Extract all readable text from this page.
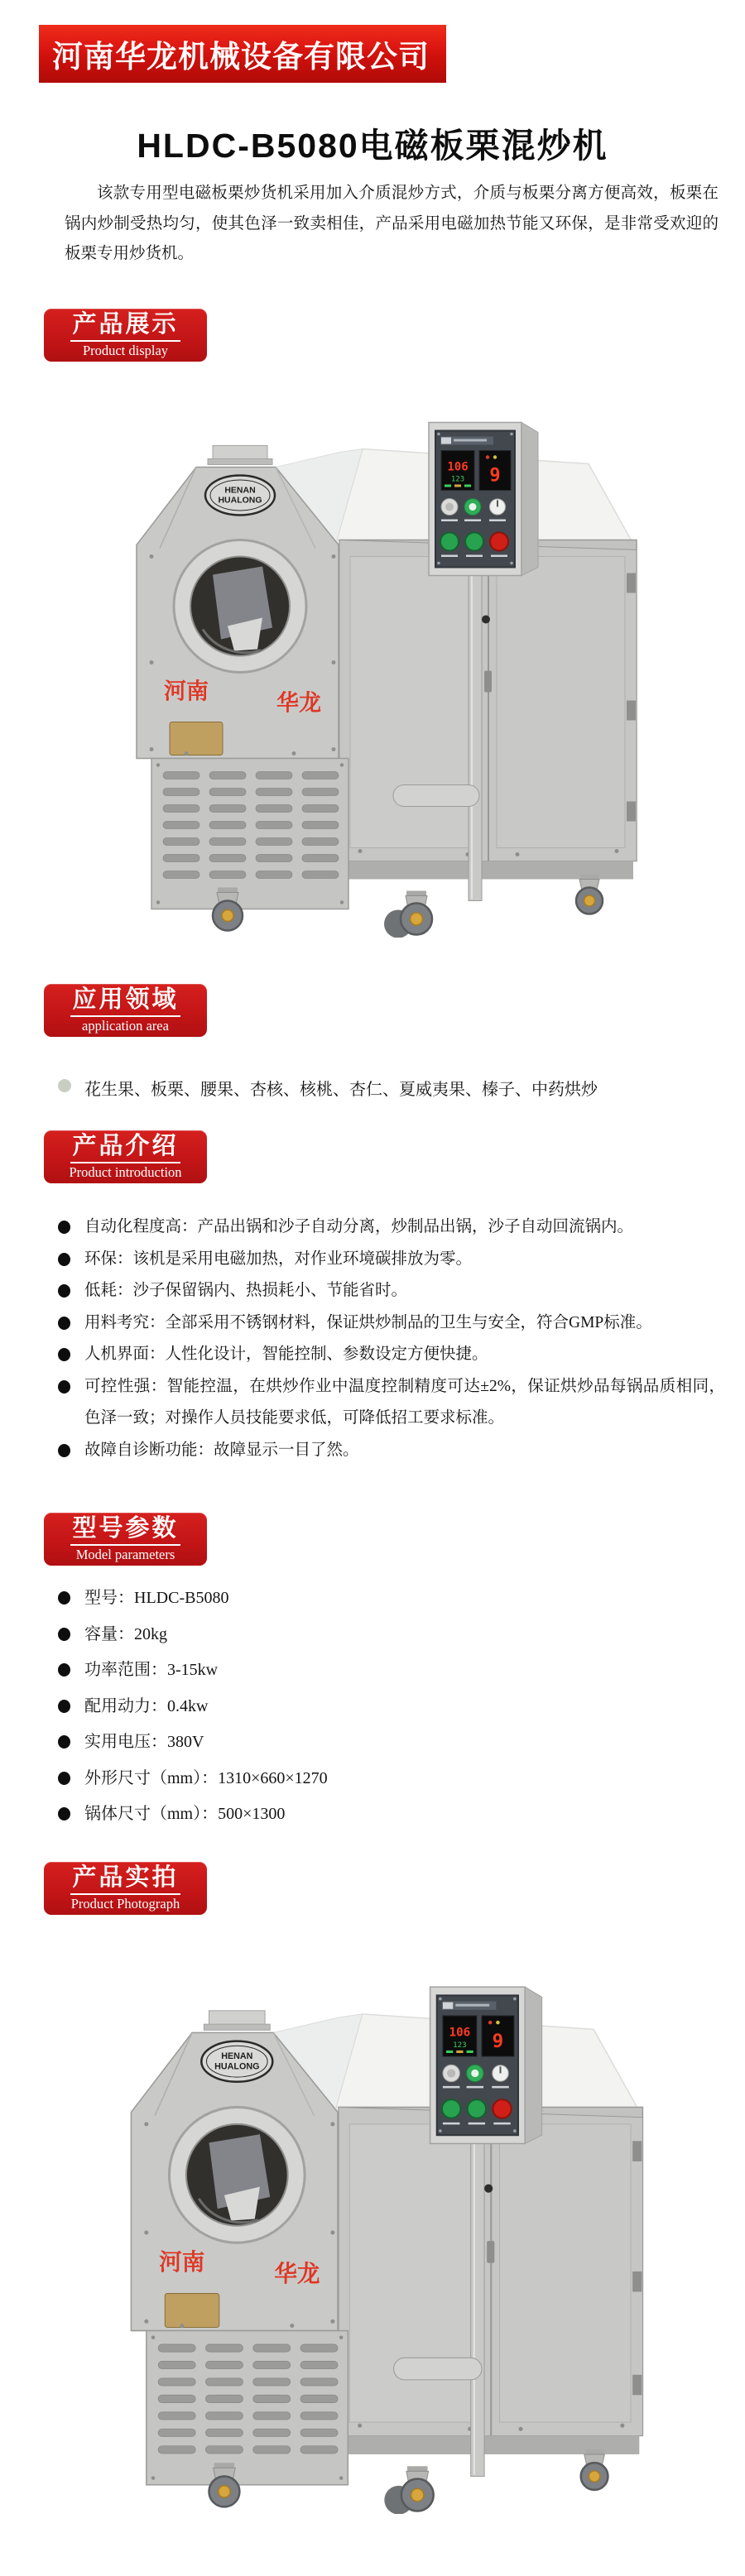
河南华龙机械设备有限公司
HLDC-B5080电磁板栗混炒机
该款专用型电磁板栗炒货机采用加入介质混炒方式，介质与板栗分离方便高效，板栗在锅内炒制受热均匀，使其色泽一致卖相佳，产品采用电磁加热节能又环保，是非常受欢迎的板栗专用炒货机。
产品展示
Product display
HENAN
HUALONG
河南	华龙
106
123 9
应用领域
application area
花生果、板栗、腰果、杏核、核桃、杏仁、夏威夷果、榛子、中药烘炒
产品介绍
Product introduction
自动化程度高：产品出锅和沙子自动分离，炒制品出锅，沙子自动回流锅内。
环保：该机是采用电磁加热，对作业环境碳排放为零。
低耗：沙子保留锅内、热损耗小、节能省时。
用料考究：全部采用不锈钢材料，保证烘炒制品的卫生与安全，符合GMP标准。
人机界面：人性化设计，智能控制、参数设定方便快捷。
可控性强：智能控温，在烘炒作业中温度控制精度可达±2%，保证烘炒品每锅品质相同，色泽一致；对操作人员技能要求低，可降低招工要求标准。
故障自诊断功能：故障显示一目了然。
型号参数
Model parameters
型号：HLDC-B5080
容量：20kg
功率范围：3-15kw
配用动力：0.4kw
实用电压：380V
外形尺寸（mm）：1310×660×1270
锅体尺寸（mm）：500×1300
产品实拍
Product Photograph
HENAN
HUALONG
河南	华龙
106
123 9
